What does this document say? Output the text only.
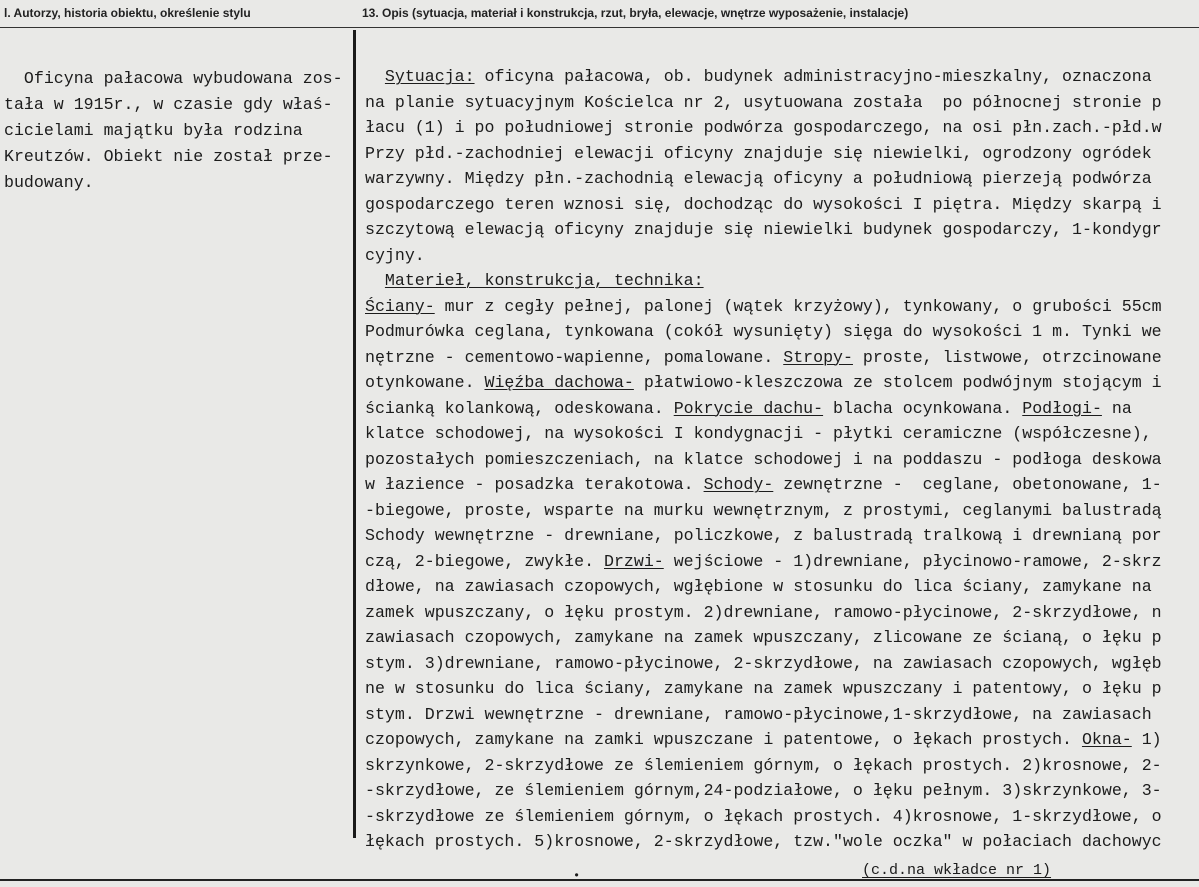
l. Autorzy, historia obiektu, określenie stylu	13. Opis (sytuacja, materiał i konstrukcja, rzut, bryła, elewacje, wnętrze wyposażenie, instalacje)
Oficyna pałacowa wybudowana zos-
tała w 1915r., w czasie gdy właś-
cicielami majątku była rodzina
Kreutzów. Obiekt nie został prze-
budowany.
Sytuacja: oficyna pałacowa, ob. budynek administracyjno-mieszkalny, oznaczona
na planie sytuacyjnym Kościelca nr 2, usytuowana została  po północnej stronie p
łacu (1) i po południowej stronie podwórza gospodarczego, na osi płn.zach.-płd.w
Przy płd.-zachodniej elewacji oficyny znajduje się niewielki, ogrodzony ogródek
warzywny. Między płn.-zachodnią elewacją oficyny a południową pierzeją podwórza
gospodarczego teren wznosi się, dochodząc do wysokości I piętra. Między skarpą i
szczytową elewacją oficyny znajduje się niewielki budynek gospodarczy, 1-kondygr
cyjny.
Materieł, konstrukcja, technika:
Ściany- mur z cegły pełnej, palonej (wątek krzyżowy), tynkowany, o grubości 55cm
Podmurówka ceglana, tynkowana (cokół wysunięty) sięga do wysokości 1 m. Tynki we
nętrzne - cementowo-wapienne, pomalowane. Stropy- proste, listwowe, otrzcinowane
otynkowane. Więźba dachowa- płatwiowo-kleszczowa ze stolcem podwójnym stojącym i
ścianką kolankową, odeskowana. Pokrycie dachu- blacha ocynkowana. Podłogi- na
klatce schodowej, na wysokości I kondygnacji - płytki ceramiczne (współczesne),
pozostałych pomieszczeniach, na klatce schodowej i na poddaszu - podłoga deskowa
w łazience - posadzka terakotowa. Schody- zewnętrzne -  ceglane, obetonowane, 1-
-biegowe, proste, wsparte na murku wewnętrznym, z prostymi, ceglanymi balustradą
Schody wewnętrzne - drewniane, policzkowe, z balustradą tralkową i drewnianą por
czą, 2-biegowe, zwykłe. Drzwi- wejściowe - 1)drewniane, płycinowo-ramowe, 2-skrz
dłowe, na zawiasach czopowych, wgłębione w stosunku do lica ściany, zamykane na
zamek wpuszczany, o łęku prostym. 2)drewniane, ramowo-płycinowe, 2-skrzydłowe, n
zawiasach czopowych, zamykane na zamek wpuszczany, zlicowane ze ścianą, o łęku p
stym. 3)drewniane, ramowo-płycinowe, 2-skrzydłowe, na zawiasach czopowych, wgłęb
ne w stosunku do lica ściany, zamykane na zamek wpuszczany i patentowy, o łęku p
stym. Drzwi wewnętrzne - drewniane, ramowo-płycinowe,1-skrzydłowe, na zawiasach
czopowych, zamykane na zamki wpuszczane i patentowe, o łękach prostych. Okna- 1)
skrzynkowe, 2-skrzydłowe ze ślemieniem górnym, o łękach prostych. 2)krosnowe, 2-
-skrzydłowe, ze ślemieniem górnym,24-podziałowe, o łęku pełnym. 3)skrzynkowe, 3-
-skrzydłowe ze ślemieniem górnym, o łękach prostych. 4)krosnowe, 1-skrzydłowe, o
łękach prostych. 5)krosnowe, 2-skrzydłowe, tzw."wole oczka" w połaciach dachowyc
•	(c.d.na wkładce nr 1)
